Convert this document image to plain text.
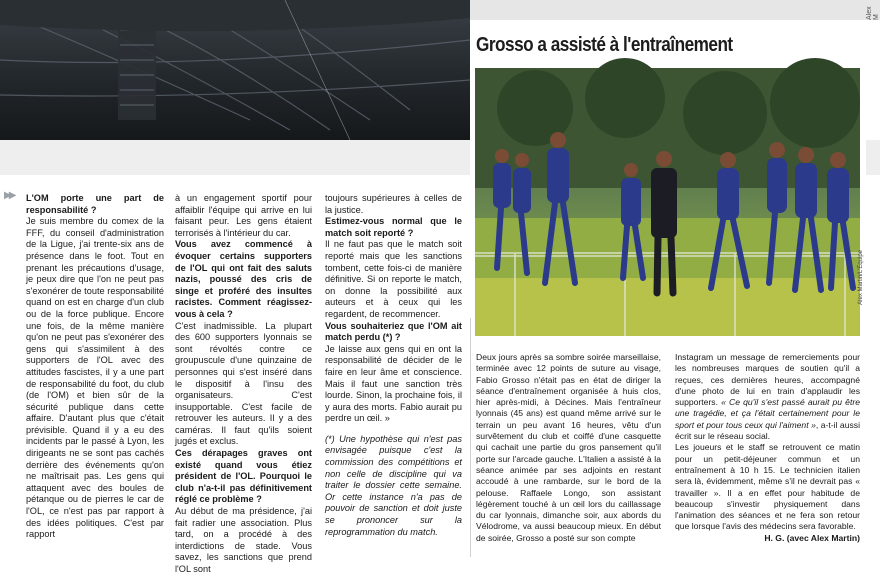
Alex M
Grosso a assisté à l'entraînement
Alex Martin/L'Équipe
▶▶ L'OM porte une part de responsabilité ?

Je suis membre du comex de la FFF, du conseil d'administration de la Ligue, j'ai trente-six ans de présence dans le foot. Tout en prenant les précautions d'usage, je peux dire que l'on ne peut pas s'exonérer de toute responsabilité quand on est en charge d'un club ou de la force publique. Encore une fois, de la même manière qu'on ne peut pas s'exonérer des gens qui s'assimilent à des supporters de l'OL avec des attitudes fascistes, il y a une part de responsabilité du foot, du club (de l'OM) et bien sûr de la sécurité publique dans cette affaire. D'autant plus que c'était prévisible. Quand il y a eu des incidents par le passé à Lyon, les dirigeants ne se sont pas cachés derrière des événements qu'on ne maîtrisait pas. Les gens qui attaquent avec des boules de pétanque ou de pierres le car de l'OL, ce n'est pas par rapport à des idées politiques. C'est par rapport

à un engagement sportif pour affaiblir l'équipe qui arrive en lui faisant peur. Les gens étaient terrorisés à l'intérieur du car.

Vous avez commencé à évoquer certains supporters de l'OL qui ont fait des saluts nazis, poussé des cris de singe et proféré des insultes racistes. Comment réagissez-vous à cela ?

C'est inadmissible. La plupart des 600 supporters lyonnais se sont révoltés contre ce groupuscule d'une quinzaine de personnes qui s'est inséré dans le dispositif à l'insu des organisateurs. C'est insupportable. C'est facile de retrouver les auteurs. Il y a des caméras. Il faut qu'ils soient jugés et exclus.

Ces dérapages graves ont existé quand vous étiez président de l'OL. Pourquoi le club n'a-t-il pas définitivement réglé ce problème ?

Au début de ma présidence, j'ai fait radier une association. Plus tard, on a procédé à des interdictions de stade. Vous savez, les sanctions que prend l'OL sont

toujours supérieures à celles de la justice.

Estimez-vous normal que le match soit reporté ?

Il ne faut pas que le match soit reporté mais que les sanctions tombent, cette fois-ci de manière définitive. Si on reporte le match, on donne la possibilité aux auteurs et à ceux qui les regardent, de recommencer.

Vous souhaiteriez que l'OM ait match perdu (*) ?

Je laisse aux gens qui en ont la responsabilité de décider de le faire en leur âme et conscience. Mais il faut une sanction très lourde. Sinon, la prochaine fois, il y aura des morts. Fabio aurait pu perdre un œil. »

(*) Une hypothèse qui n'est pas envisagée puisque c'est la commission des compétitions et non celle de discipline qui va traiter le dossier cette semaine. Or cette instance n'a pas de pouvoir de sanction et doit juste se prononcer sur la reprogrammation du match.

Deux jours après sa sombre soirée marseillaise, terminée avec 12 points de suture au visage, Fabio Grosso n'était pas en état de diriger la séance d'entraînement organisée à huis clos, hier après-midi, à Décines. Mais l'entraîneur lyonnais (45 ans) est quand même arrivé sur le terrain un peu avant 16 heures, vêtu d'un survêtement du club et coiffé d'une casquette qui cachait une partie du gros pansement qu'il porte sur l'arcade gauche. L'Italien a assisté à la séance animée par ses adjoints en restant accoudé à une rambarde, sur le bord de la pelouse. Raffaele Longo, son assistant légèrement touché à un œil lors du caillassage du car lyonnais, dimanche soir, aux abords du Vélodrome, va aussi beaucoup mieux. En début de soirée, Grosso a posté sur son compte

Instagram un message de remerciements pour les nombreuses marques de soutien qu'il a reçues, ces dernières heures, accompagné d'une photo de lui en train d'applaudir les supporters. « Ce qu'il s'est passé aurait pu être une tragédie, et ça l'était certainement pour le sport et pour tous ceux qui l'aiment », a-t-il aussi écrit sur le réseau social.

Les joueurs et le staff se retrouvent ce matin pour un petit-déjeuner commun et un entraînement à 10 h 15. Le technicien italien sera là, évidemment, même s'il ne devrait pas « travailler ». Il a en effet pour habitude de beaucoup s'investir physiquement dans l'animation des séances et ne fera son retour que lorsque l'avis des médecins sera favorable.

H. G. (avec Alex Martin)
